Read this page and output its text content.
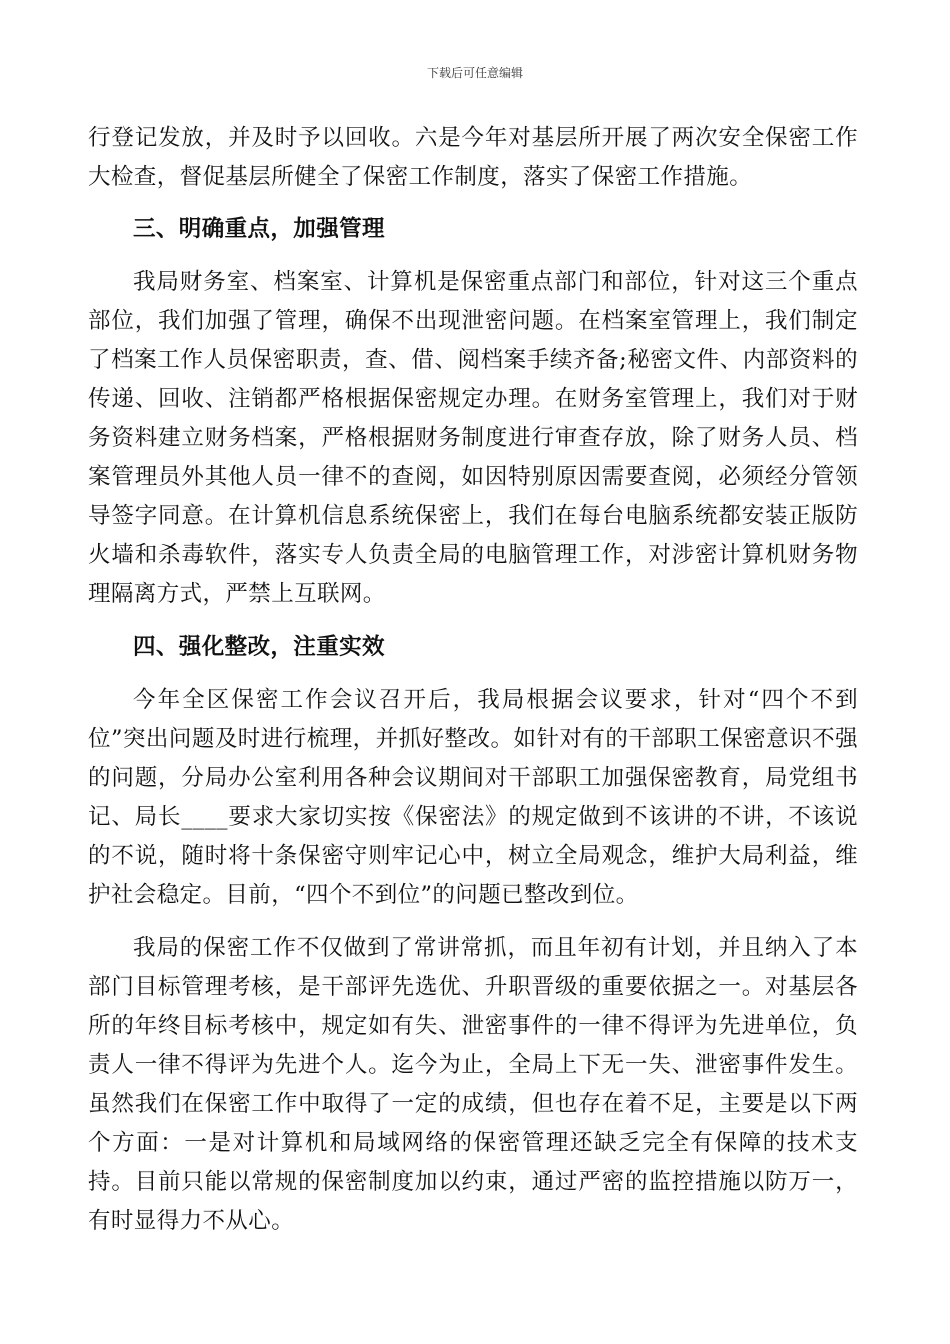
下载后可任意编辑

行登记发放，并及时予以回收。六是今年对基层所开展了两次安全保密工作大检查，督促基层所健全了保密工作制度，落实了保密工作措施。

三、明确重点，加强管理

我局财务室、档案室、计算机是保密重点部门和部位，针对这三个重点部位，我们加强了管理，确保不出现泄密问题。在档案室管理上，我们制定了档案工作人员保密职责，查、借、阅档案手续齐备;秘密文件、内部资料的传递、回收、注销都严格根据保密规定办理。在财务室管理上，我们对于财务资料建立财务档案，严格根据财务制度进行审查存放，除了财务人员、档案管理员外其他人员一律不的查阅，如因特别原因需要查阅，必须经分管领导签字同意。在计算机信息系统保密上，我们在每台电脑系统都安装正版防火墙和杀毒软件，落实专人负责全局的电脑管理工作，对涉密计算机财务物理隔离方式，严禁上互联网。

四、强化整改，注重实效

今年全区保密工作会议召开后，我局根据会议要求，针对“四个不到位”突出问题及时进行梳理，并抓好整改。如针对有的干部职工保密意识不强的问题，分局办公室利用各种会议期间对干部职工加强保密教育，局党组书记、局长____要求大家切实按《保密法》的规定做到不该讲的不讲，不该说的不说，随时将十条保密守则牢记心中，树立全局观念，维护大局利益，维护社会稳定。目前，“四个不到位”的问题已整改到位。

我局的保密工作不仅做到了常讲常抓，而且年初有计划，并且纳入了本部门目标管理考核，是干部评先选优、升职晋级的重要依据之一。对基层各所的年终目标考核中，规定如有失、泄密事件的一律不得评为先进单位，负责人一律不得评为先进个人。迄今为止，全局上下无一失、泄密事件发生。虽然我们在保密工作中取得了一定的成绩，但也存在着不足，主要是以下两个方面：一是对计算机和局域网络的保密管理还缺乏完全有保障的技术支持。目前只能以常规的保密制度加以约束，通过严密的监控措施以防万一，有时显得力不从心。
